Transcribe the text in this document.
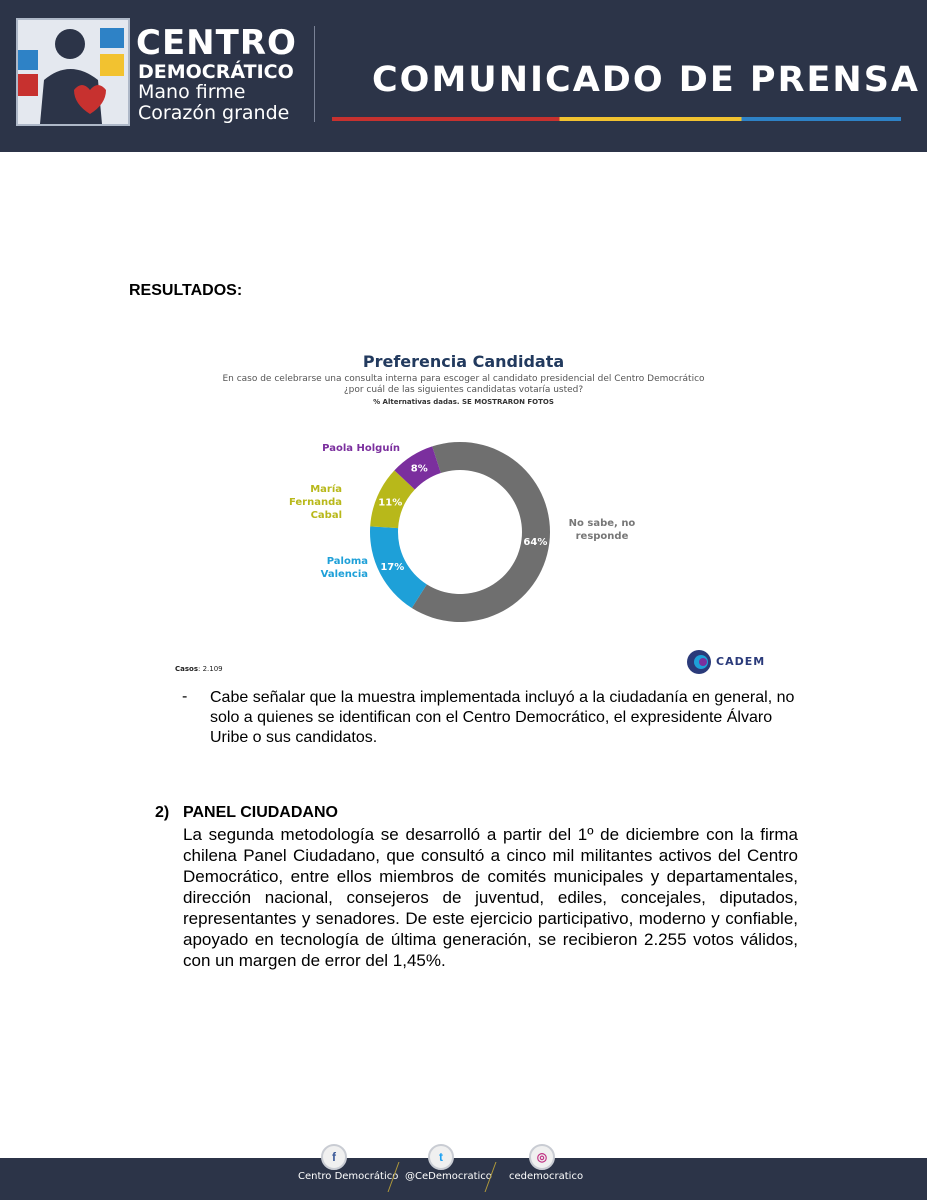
CENTRO
DEMOCRÁTICO
Mano firme
Corazón grande
COMUNICADO DE PRENSA
RESULTADOS:
Preferencia Candidata
En caso de celebrarse una consulta interna para escoger al candidato presidencial del Centro Democrático
¿por cuál de las siguientes candidatas votaría usted?
% Alternativas dadas. SE MOSTRARON FOTOS
64%
17%
11%
8%
Paola Holguín
María Fernanda
Cabal
Paloma
Valencia
No sabe, no
responde
Casos: 2.109
CADEM
- Cabe señalar que la muestra implementada incluyó a la ciudadanía en general, no solo a quienes se identifican con el Centro Democrático, el expresidente Álvaro Uribe o sus candidatos.
2) PANEL CIUDADANO
La segunda metodología se desarrolló a partir del 1º de diciembre con la firma chilena Panel Ciudadano, que consultó a cinco mil militantes activos del Centro Democrático, entre ellos miembros de comités municipales y departamentales, dirección nacional, consejeros de juventud, ediles, concejales, diputados, representantes y senadores. De este ejercicio participativo, moderno y confiable, apoyado en tecnología de última generación, se recibieron 2.255 votos válidos, con un margen de error del 1,45%.
f	t	◎
Centro Democrático @CeDemocratico cedemocratico
